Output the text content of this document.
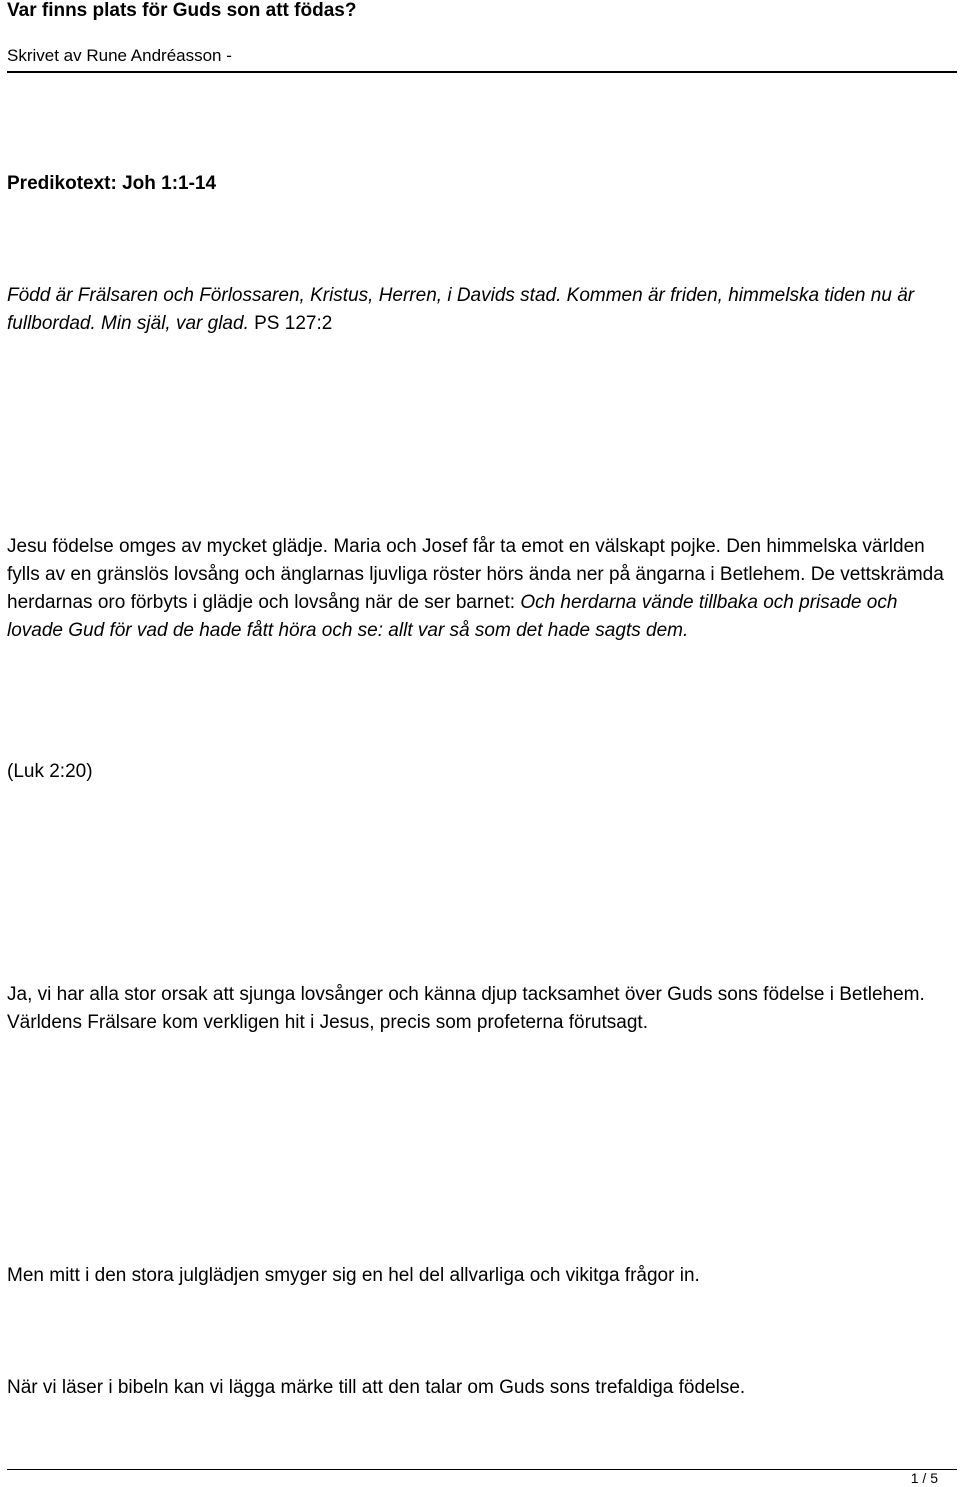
Var finns plats för Guds son att födas?
Skrivet av Rune Andréasson -
Predikotext: Joh 1:1-14
Född är Frälsaren och Förlossaren, Kristus, Herren, i Davids stad. Kommen är friden, himmelska tiden nu är fullbordad. Min själ, var glad. PS 127:2
Jesu födelse omges av mycket glädje. Maria och Josef får ta emot en välskapt pojke. Den himmelska världen fylls av en gränslös lovsång och änglarnas ljuvliga röster hörs ända ner på ängarna i Betlehem. De vettskrämda herdarnas oro förbyts i glädje och lovsång när de ser barnet: Och herdarna vände tillbaka och prisade och lovade Gud för vad de hade fått höra och se: allt var så som det hade sagts dem.
(Luk 2:20)
Ja, vi har alla stor orsak att sjunga lovsånger och känna djup tacksamhet över Guds sons födelse i Betlehem. Världens Frälsare kom verkligen hit i Jesus, precis som profeterna förutsagt.
Men mitt i den stora julglädjen smyger sig en hel del allvarliga och vikitga frågor in.
När vi läser i bibeln kan vi lägga märke till att den talar om Guds sons trefaldiga födelse.
1 / 5
